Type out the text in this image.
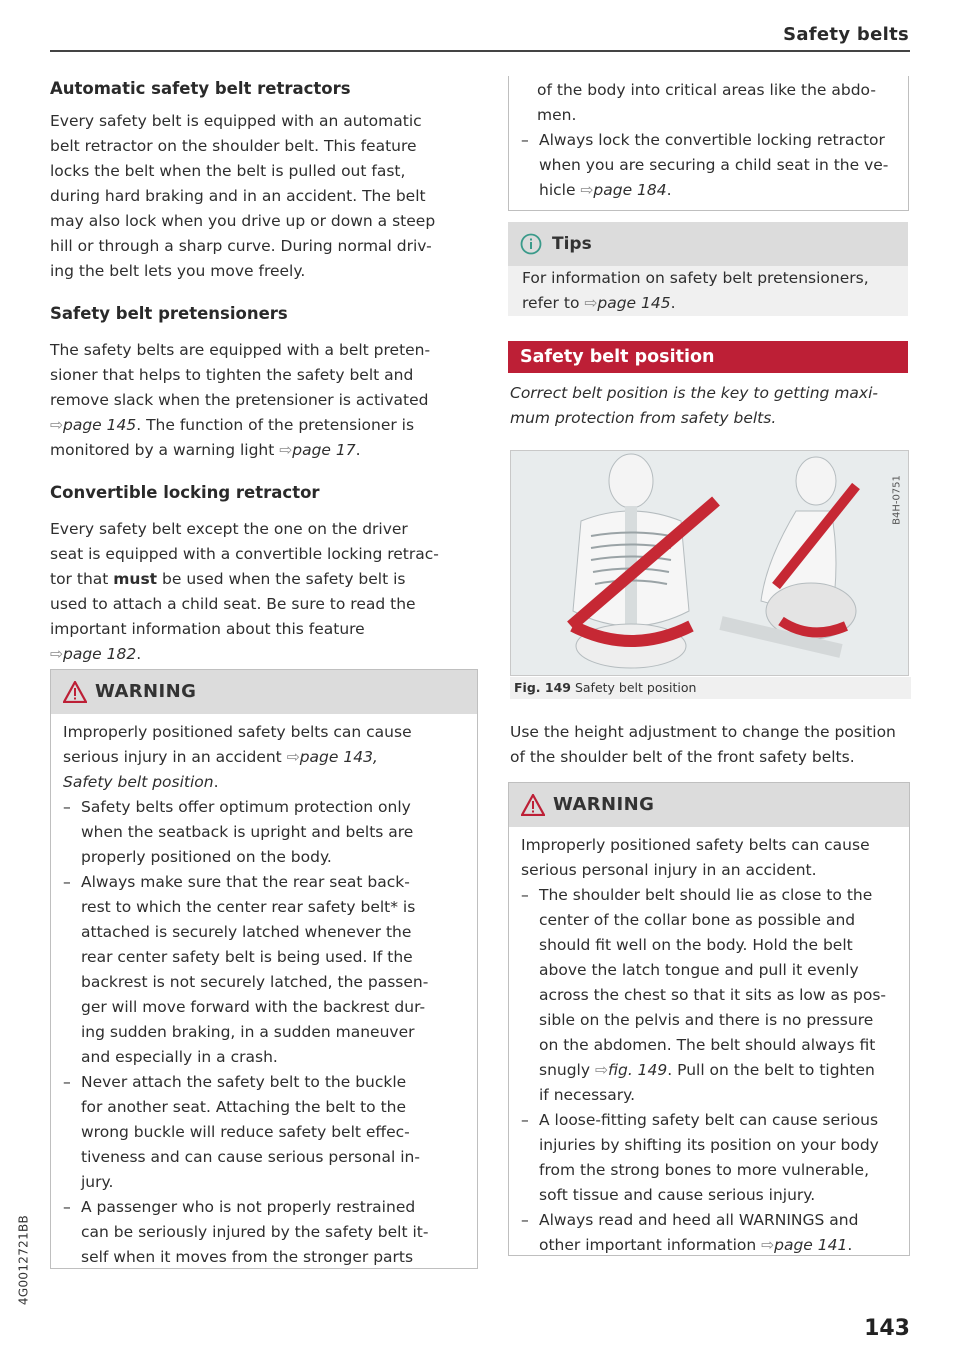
Safety belts
4G0012721BB

Automatic safety belt retractors

Every safety belt is equipped with an automatic

belt retractor on the shoulder belt. This feature

locks the belt when the belt is pulled out fast,

during hard braking and in an accident. The belt

may also lock when you drive up or down a steep

hill or through a sharp curve. During normal driv-

ing the belt lets you move freely.

Safety belt pretensioners

The safety belts are equipped with a belt preten-

sioner that helps to tighten the safety belt and

remove slack when the pretensioner is activated

⇨page 145. The function of the pretensioner is

monitored by a warning light ⇨page 17.

Convertible locking retractor

Every safety belt except the one on the driver

seat is equipped with a convertible locking retrac-

tor that must be used when the safety belt is

used to attach a child seat. Be sure to read the

important information about this feature

⇨page 182.

WARNING
Improperly positioned safety belts can cause
serious injury in an accident ⇨page 143,
Safety belt position.
– Safety belts offer optimum protection only
when the seatback is upright and belts are
properly positioned on the body.
– Always make sure that the rear seat back-
rest to which the center rear safety belt* is
attached is securely latched whenever the
rear center safety belt is being used. If the
backrest is not securely latched, the passen-
ger will move forward with the backrest dur-
ing sudden braking, in a sudden maneuver
and especially in a crash.
– Never attach the safety belt to the buckle
for another seat. Attaching the belt to the
wrong buckle will reduce safety belt effec-
tiveness and can cause serious personal in-
jury.
– A passenger who is not properly restrained
can be seriously injured by the safety belt it-
self when it moves from the stronger parts
of the body into critical areas like the abdo-
men.
– Always lock the convertible locking retractor
when you are securing a child seat in the ve-
hicle ⇨page 184.
Tips
For information on safety belt pretensioners,
refer to ⇨page 145.
Safety belt position
Correct belt position is the key to getting maxi-
mum protection from safety belts.
B4H-0751
Fig. 149 Safety belt position
Use the height adjustment to change the position
of the shoulder belt of the front safety belts.
WARNING
Improperly positioned safety belts can cause
serious personal injury in an accident.
– The shoulder belt should lie as close to the
center of the collar bone as possible and
should fit well on the body. Hold the belt
above the latch tongue and pull it evenly
across the chest so that it sits as low as pos-
sible on the pelvis and there is no pressure
on the abdomen. The belt should always fit
snugly ⇨fig. 149. Pull on the belt to tighten
if necessary.
– A loose-fitting safety belt can cause serious
injuries by shifting its position on your body
from the strong bones to more vulnerable,
soft tissue and cause serious injury.
– Always read and heed all WARNINGS and
other important information ⇨page 141.
143
